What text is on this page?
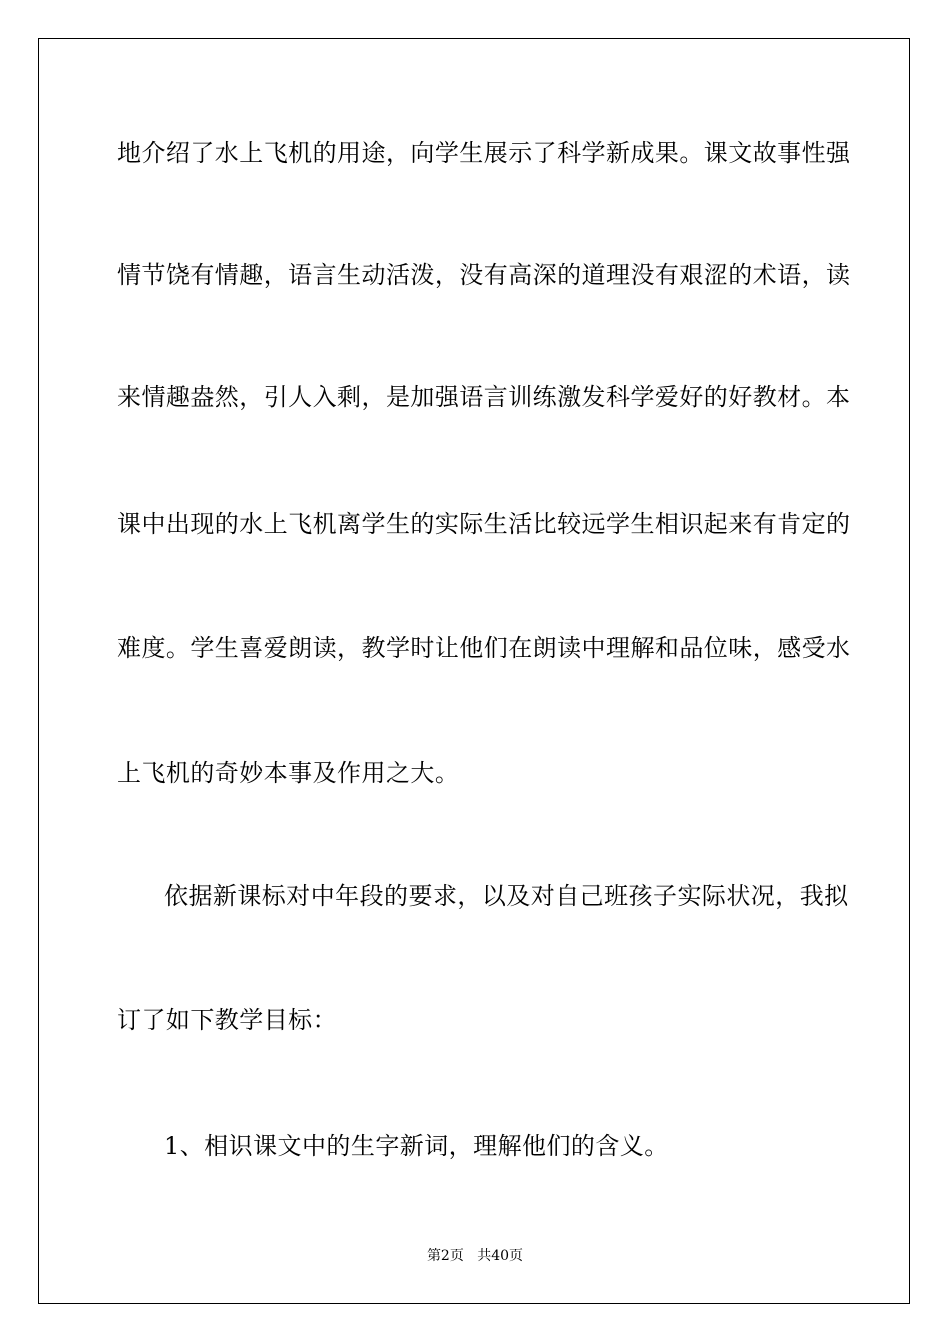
地介绍了水上飞机的用途，向学生展示了科学新成果。课文故事性强
情节饶有情趣，语言生动活泼，没有高深的道理没有艰涩的术语，读
来情趣盎然，引人入剩，是加强语言训练激发科学爱好的好教材。本
课中出现的水上飞机离学生的实际生活比较远学生相识起来有肯定的
难度。学生喜爱朗读，教学时让他们在朗读中理解和品位味，感受水
上飞机的奇妙本事及作用之大。
依据新课标对中年段的要求，以及对自己班孩子实际状况，我拟
订了如下教学目标：
1、相识课文中的生字新词，理解他们的含义。
第2页 共40页
